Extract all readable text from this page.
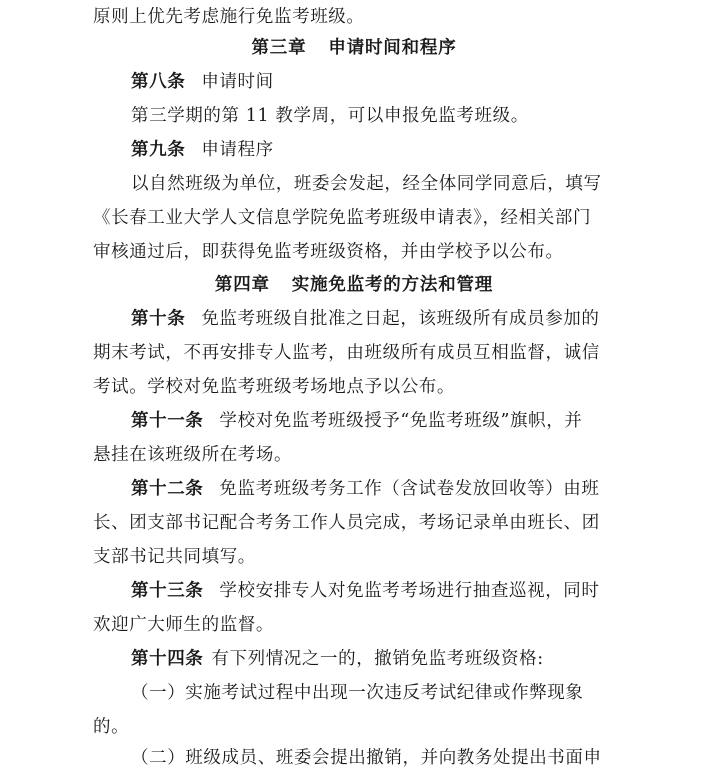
原则上优先考虑施行免监考班级。
第三章 申请时间和程序
第八条 申请时间
第三学期的第 11 教学周，可以申报免监考班级。
第九条 申请程序
以自然班级为单位，班委会发起，经全体同学同意后，填写
《长春工业大学人文信息学院免监考班级申请表》，经相关部门
审核通过后，即获得免监考班级资格，并由学校予以公布。
第四章 实施免监考的方法和管理
第十条 免监考班级自批准之日起，该班级所有成员参加的
期末考试，不再安排专人监考，由班级所有成员互相监督，诚信
考试。学校对免监考班级考场地点予以公布。
第十一条 学校对免监考班级授予“免监考班级”旗帜，并
悬挂在该班级所在考场。
第十二条 免监考班级考务工作（含试卷发放回收等）由班
长、团支部书记配合考务工作人员完成，考场记录单由班长、团
支部书记共同填写。
第十三条 学校安排专人对免监考考场进行抽查巡视，同时
欢迎广大师生的监督。
第十四条 有下列情况之一的，撤销免监考班级资格:
（一）实施考试过程中出现一次违反考试纪律或作弊现象
的。
（二）班级成员、班委会提出撤销，并向教务处提出书面申
